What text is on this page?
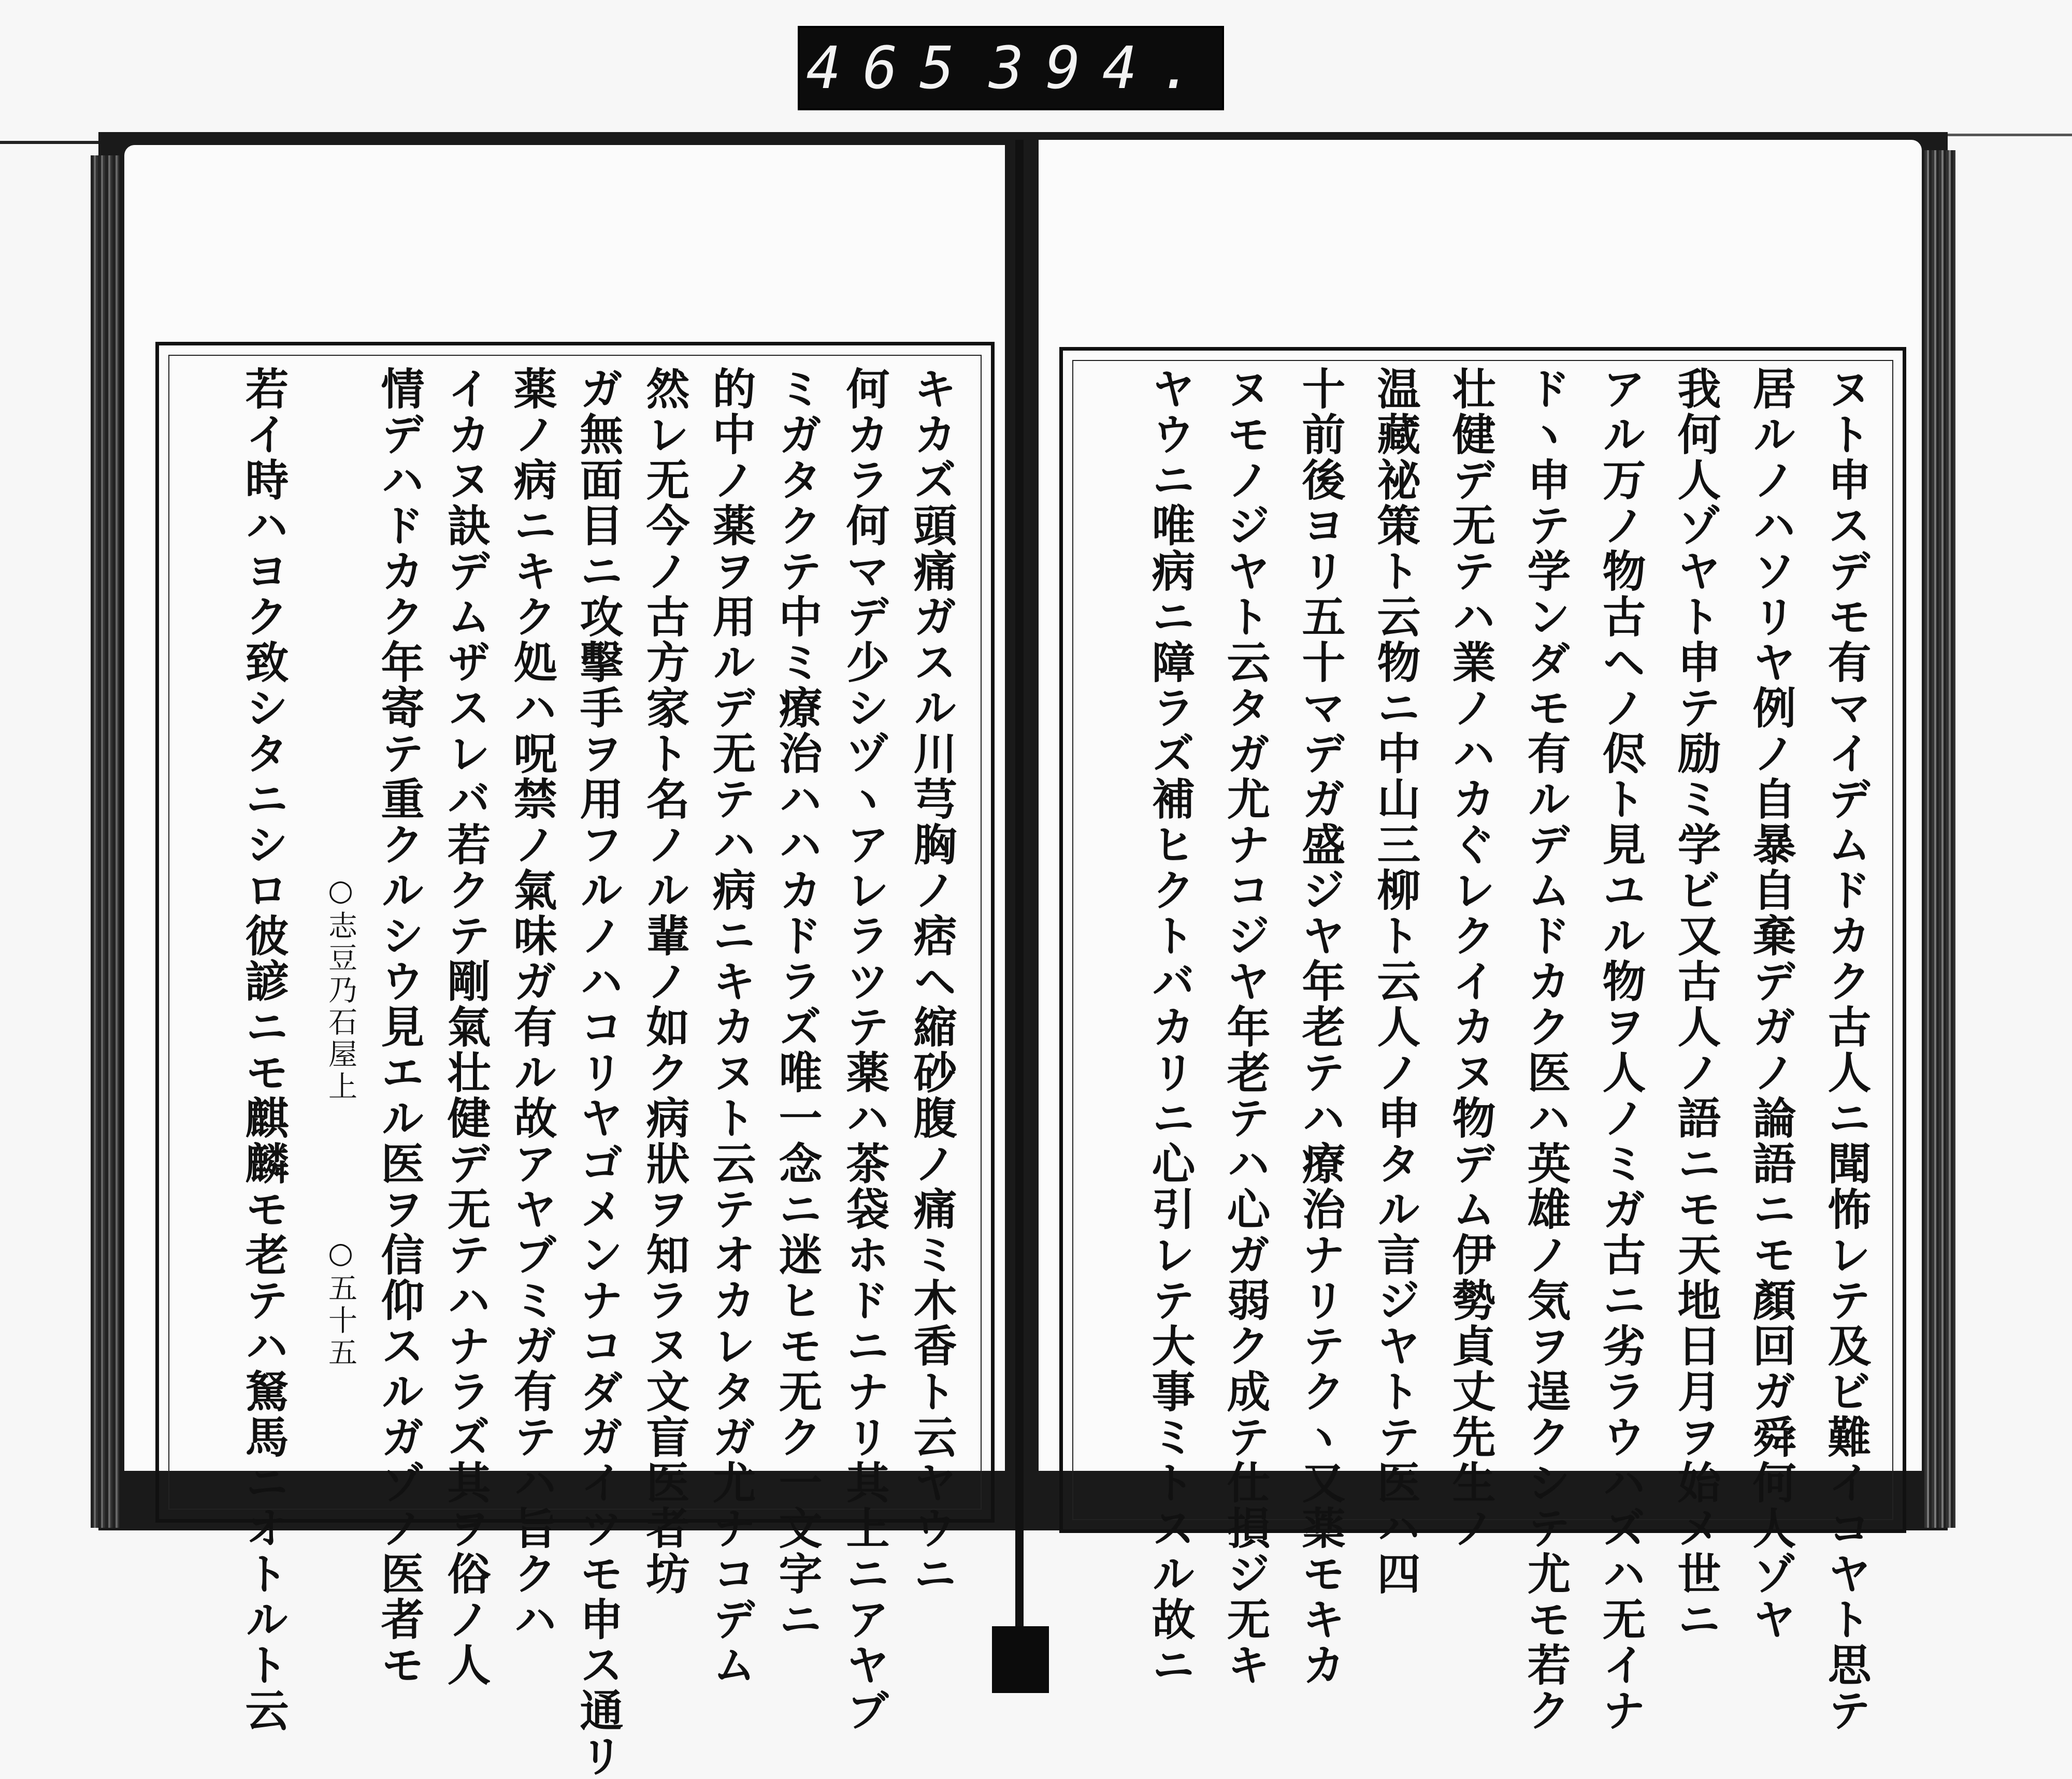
465 394.
キカズ頭痛ガスル川芎胸ノ痞ヘ縮砂腹ノ痛ミ木香ト云ヤウニ
何カラ何マデ少シヅヽアレラツテ薬ハ茶袋ホドニナリ其上ニアヤブ
ミガタクテ中ミ療治ハハカドラズ唯一念ニ迷ヒモ无ク一文字ニ
的中ノ薬ヲ用ルデ无テハ病ニキカヌト云テオカレタガ尤ナコデム
然レ无今ノ古方家ト名ノル輩ノ如ク病狀ヲ知ラヌ文盲医者坊
ガ無面目ニ攻擊手ヲ用フルノハコリヤゴメンナコダガイツモ申ス通リ
薬ノ病ニキク処ハ呪禁ノ氣味ガ有ル故アヤブミガ有テハ旨クハ
イカヌ訣デムザスレバ若クテ剛氣壮健デ无テハナラズ其ヲ俗ノ人
情デハドカク年寄テ重クルシウ見エル医ヲ信仰スルガゾノ医者モ
若イ時ハヨク致シタニシロ彼諺ニモ麒麟モ老テハ駑馬ニオトルト云 ○志豆乃石屋上
○五十五	ヌト申スデモ有マイデムドカク古人ニ聞怖レテ及ビ難イコヤト思テ
居ルノハソリヤ例ノ自暴自棄デガノ論語ニモ顏回ガ舜何人ゾヤ
我何人ゾヤト申テ励ミ学ビ又古人ノ語ニモ天地日月ヲ始メ世ニ
アル万ノ物古ヘノ侭ト見ユル物ヲ人ノミガ古ニ劣ラウハズハ无イナ
ドヽ申テ学ンダモ有ルデムドカク医ハ英雄ノ気ヲ逞クシテ尤モ若ク
壮健デ无テハ業ノハカぐレクイカヌ物デム伊勢貞丈先生ノ
温藏祕策ト云物ニ中山三柳ト云人ノ申タル言ジヤトテ医ハ四
十前後ヨリ五十マデガ盛ジヤ年老テハ療治ナリテクヽ又薬モキカ
ヌモノジヤト云タガ尤ナコジヤ年老テハ心ガ弱ク成テ仕損ジ无キ
ヤウニ唯病ニ障ラズ補ヒクトバカリニ心引レテ大事ミトスル故ニ
